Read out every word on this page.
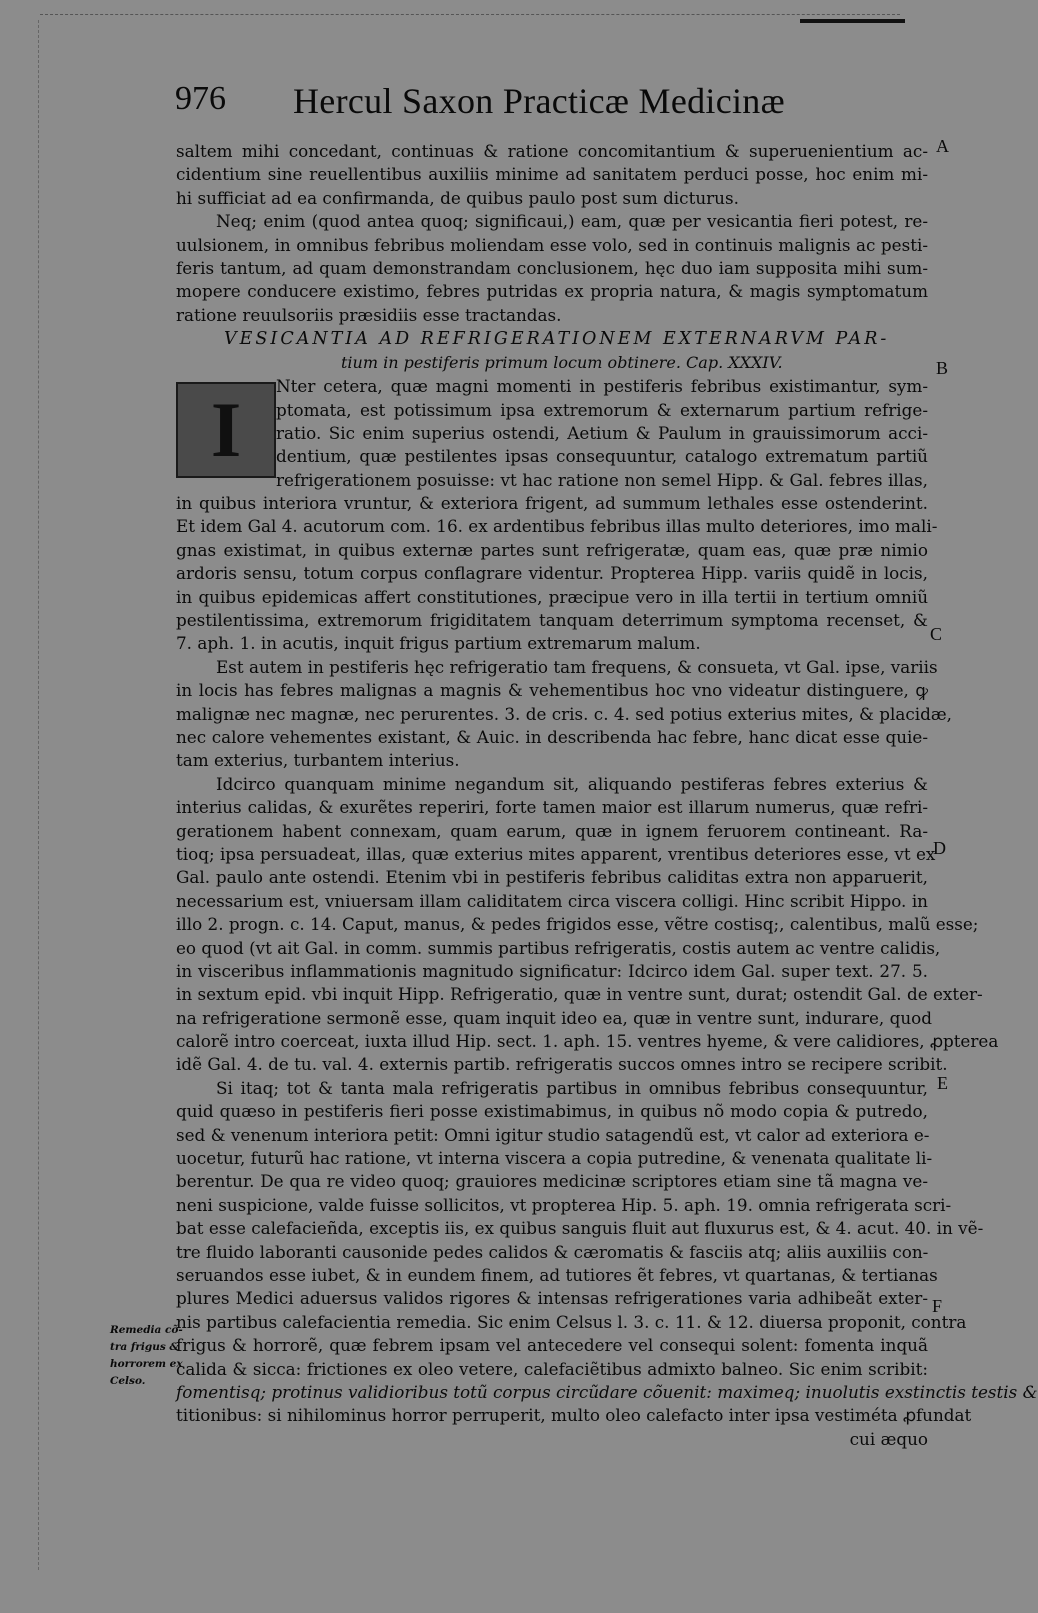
976 Hercul Saxon Practicæ Medicinæ
I
saltem mihi concedant, continuas & ratione concomitantium & superuenientium ac-
cidentium sine reuellentibus auxiliis minime ad sanitatem perduci posse, hoc enim mi-
hi sufficiat ad ea confirmanda, de quibus paulo post sum dicturus.
Neq; enim (quod antea quoq; significaui,) eam, quæ per vesicantia fieri potest, re-
uulsionem, in omnibus febribus moliendam esse volo, sed in continuis malignis ac pesti-
feris tantum, ad quam demonstrandam conclusionem, hęc duo iam supposita mihi sum-
mopere conducere existimo, febres putridas ex propria natura, & magis symptomatum
ratione reuulsoriis præsidiis esse tractandas.
VESICANTIA AD REFRIGERATIONEM EXTERNARVM PAR-
tium in pestiferis primum locum obtinere. Cap. XXXIV.
Nter cetera, quæ magni momenti in pestiferis febribus existimantur, sym-
ptomata, est potissimum ipsa extremorum & externarum partium refrige-
ratio. Sic enim superius ostendi, Aetium & Paulum in grauissimorum acci-
dentium, quæ pestilentes ipsas consequuntur, catalogo extrematum partiũ
refrigerationem posuisse: vt hac ratione non semel Hipp. & Gal. febres illas,
in quibus interiora vruntur, & exteriora frigent, ad summum lethales esse ostenderint.
Et idem Gal 4. acutorum com. 16. ex ardentibus febribus illas multo deteriores, imo mali-
gnas existimat, in quibus externæ partes sunt refrigeratæ, quam eas, quæ præ nimio
ardoris sensu, totum corpus conflagrare videntur. Propterea Hipp. variis quidẽ in locis,
in quibus epidemicas affert constitutiones, præcipue vero in illa tertii in tertium omniũ
pestilentissima, extremorum frigiditatem tanquam deterrimum symptoma recenset, &
7. aph. 1. in acutis, inquit frigus partium extremarum malum.
Est autem in pestiferis hęc refrigeratio tam frequens, & consueta, vt Gal. ipse, variis
in locis has febres malignas a magnis & vehementibus hoc vno videatur distinguere, ꝙ
malignæ nec magnæ, nec perurentes. 3. de cris. c. 4. sed potius exterius mites, & placidæ,
nec calore vehementes existant, & Auic. in describenda hac febre, hanc dicat esse quie-
tam exterius, turbantem interius.
Idcirco quanquam minime negandum sit, aliquando pestiferas febres exterius &
interius calidas, & exurẽtes reperiri, forte tamen maior est illarum numerus, quæ refri-
gerationem habent connexam, quam earum, quæ in ignem feruorem contineant. Ra-
tioq; ipsa persuadeat, illas, quæ exterius mites apparent, vrentibus deteriores esse, vt ex
Gal. paulo ante ostendi. Etenim vbi in pestiferis febribus caliditas extra non apparuerit,
necessarium est, vniuersam illam caliditatem circa viscera colligi. Hinc scribit Hippo. in
illo 2. progn. c. 14. Caput, manus, & pedes frigidos esse, vẽtre costisq;, calentibus, malũ esse;
eo quod (vt ait Gal. in comm. summis partibus refrigeratis, costis autem ac ventre calidis,
in visceribus inflammationis magnitudo significatur: Idcirco idem Gal. super text. 27. 5.
in sextum epid. vbi inquit Hipp. Refrigeratio, quæ in ventre sunt, durat; ostendit Gal. de exter-
na refrigeratione sermonẽ esse, quam inquit ideo ea, quæ in ventre sunt, indurare, quod
calorẽ intro coerceat, iuxta illud Hip. sect. 1. aph. 15. ventres hyeme, & vere calidiores, ꝓpterea
idẽ Gal. 4. de tu. val. 4. externis partib. refrigeratis succos omnes intro se recipere scribit.
Si itaq; tot & tanta mala refrigeratis partibus in omnibus febribus consequuntur,
quid quæso in pestiferis fieri posse existimabimus, in quibus nõ modo copia & putredo,
sed & venenum interiora petit: Omni igitur studio satagendũ est, vt calor ad exteriora e-
uocetur, futurũ hac ratione, vt interna viscera a copia putredine, & venenata qualitate li-
berentur. De qua re video quoq; grauiores medicinæ scriptores etiam sine tã magna ve-
neni suspicione, valde fuisse sollicitos, vt propterea Hip. 5. aph. 19. omnia refrigerata scri-
bat esse calefacieñda, exceptis iis, ex quibus sanguis fluit aut fluxurus est, & 4. acut. 40. in vẽ-
tre fluido laboranti causonide pedes calidos & cæromatis & fasciis atq; aliis auxiliis con-
seruandos esse iubet, & in eundem finem, ad tutiores ẽt febres, vt quartanas, & tertianas
plures Medici aduersus validos rigores & intensas refrigerationes varia adhibeãt exter-
nis partibus calefacientia remedia. Sic enim Celsus l. 3. c. 11. & 12. diuersa proponit, contra
frigus & horrorẽ, quæ febrem ipsam vel antecedere vel consequi solent: fomenta inquã
calida & sicca: frictiones ex oleo vetere, calefaciẽtibus admixto balneo. Sic enim scribit:
fomentisq; protinus validioribus totũ corpus circũdare cõuenit: maximeq; inuolutis exstinctis testis &
titionibus: si nihilominus horror perruperit, multo oleo calefacto inter ipsa vestiméta ꝓfundat
cui æquo
A
B
C
D
E
F
Remedia cõ-
tra frigus &
horrorem ex
Celso.
